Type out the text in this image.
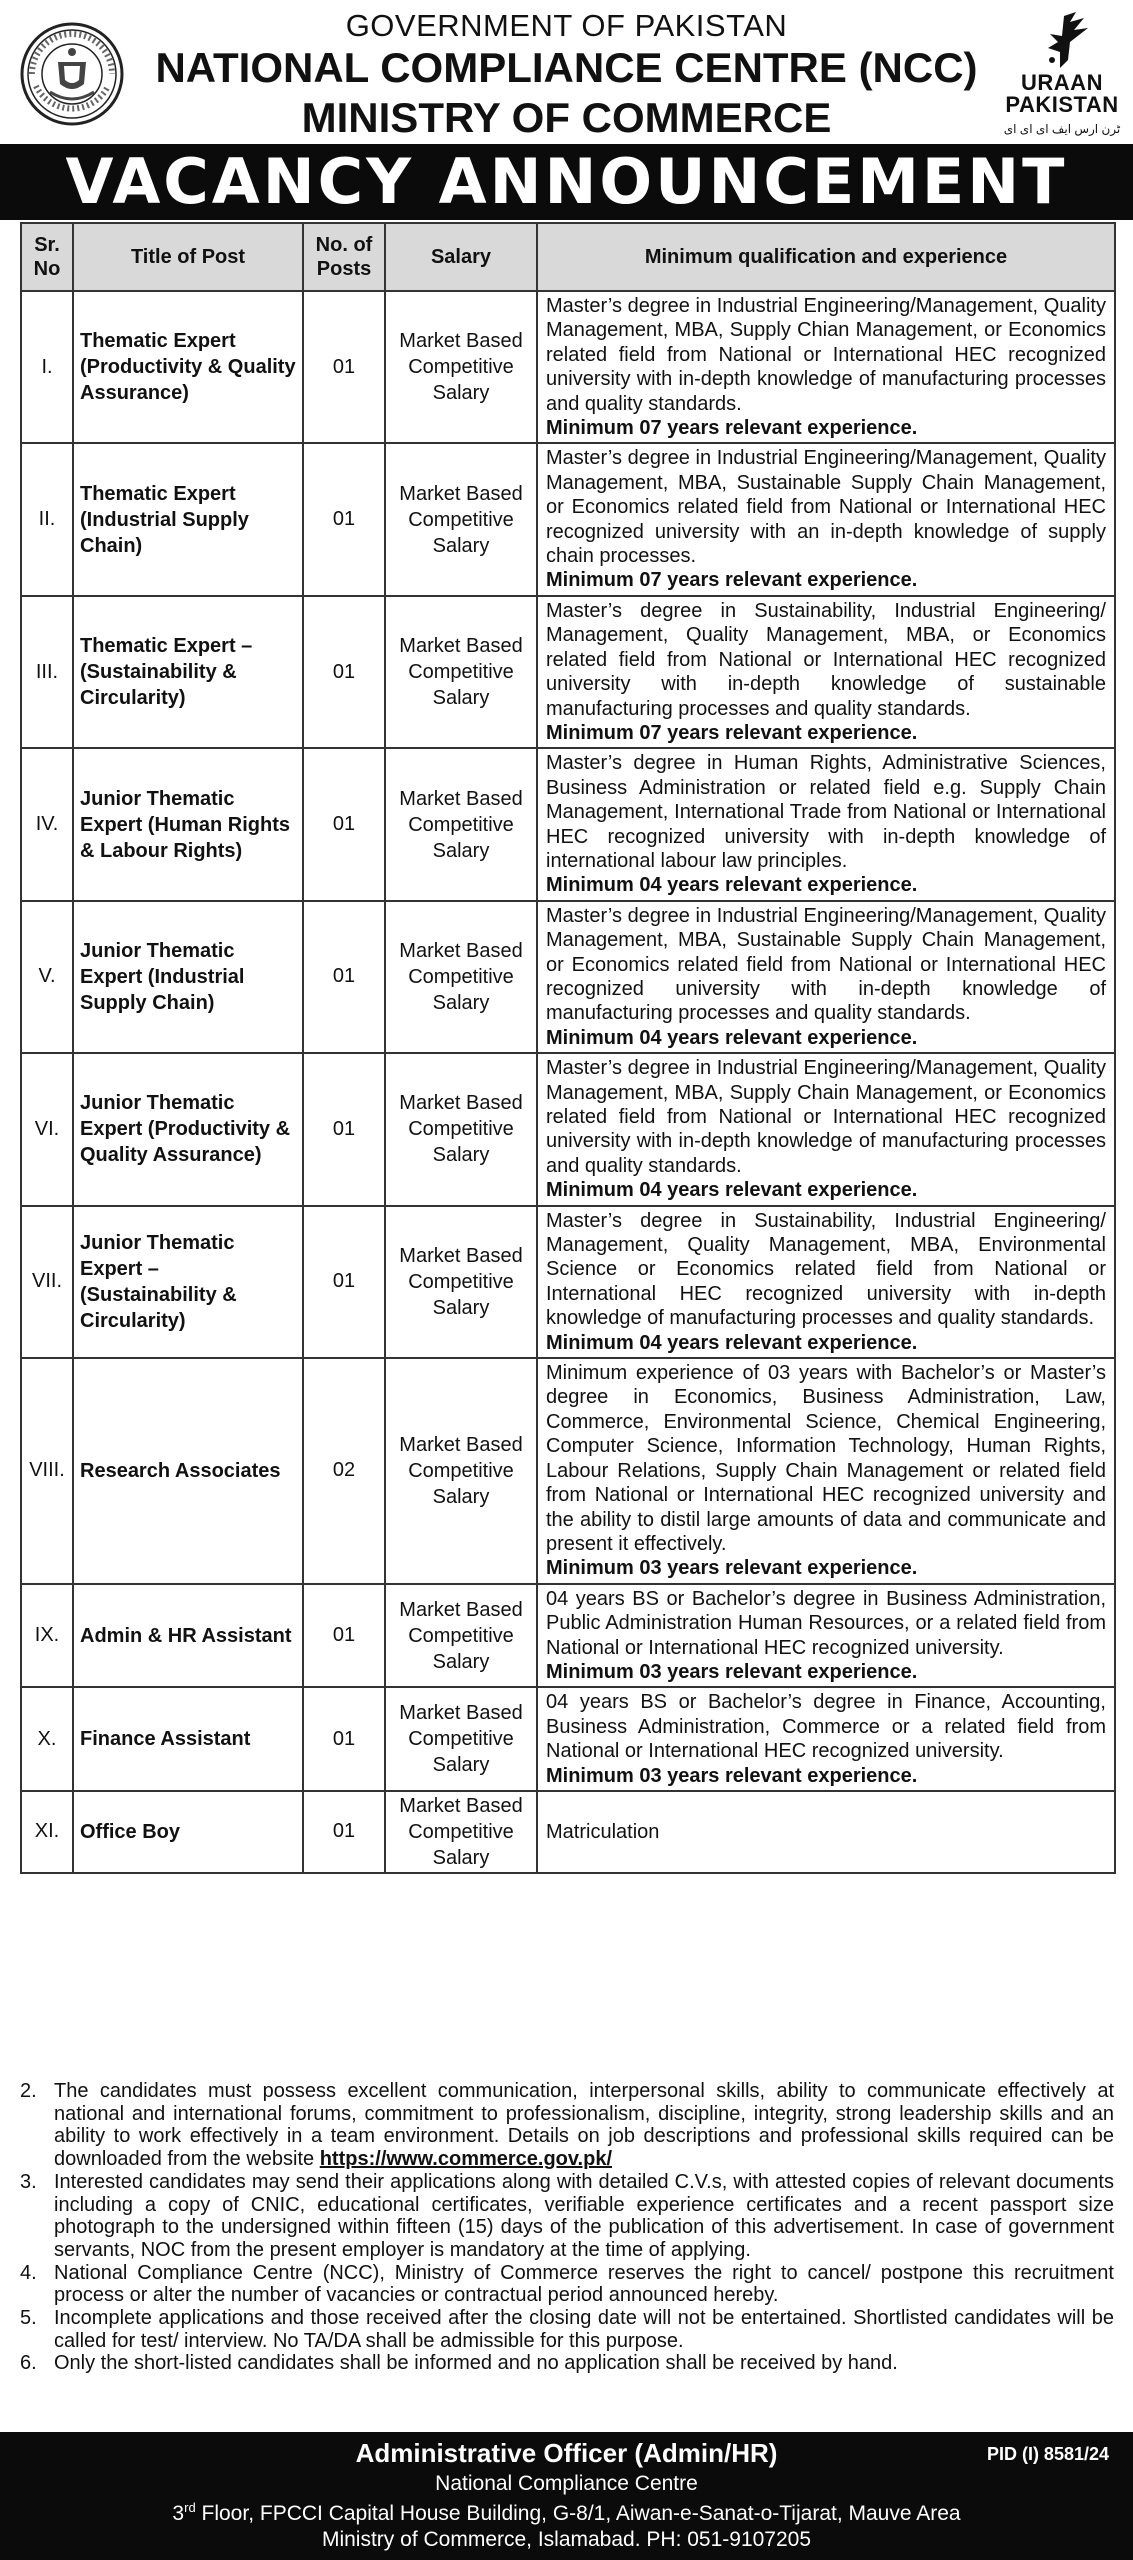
GOVERNMENT OF PAKISTAN
NATIONAL COMPLIANCE CENTRE (NCC)
MINISTRY OF COMMERCE
URAAN PAKISTAN
ٹرن ارس ایف ای ای ای
VACANCY ANNOUNCEMENT
Sr. No	Title of Post	No. of Posts	Salary	Minimum qualification and experience
I.	Thematic Expert (Productivity & Quality Assurance)	01	Market Based Competitive Salary	Master’s degree in Industrial Engineering/Management, Quality Management, MBA, Supply Chian Management, or Economics related field from National or International HEC recognized university with in-depth knowledge of manufacturing processes and quality standards.
Minimum 07 years relevant experience.

II.	Thematic Expert (Industrial Supply Chain)	01	Market Based Competitive Salary	Master’s degree in Industrial Engineering/Management, Quality Management, MBA, Sustainable Supply Chain Management, or Economics related field from National or International HEC recognized university with an in-depth knowledge of supply chain processes.
Minimum 07 years relevant experience.

III.	Thematic Expert – (Sustainability & Circularity)	01	Market Based Competitive Salary	Master’s degree in Sustainability, Industrial Engineering/ Management, Quality Management, MBA, or Economics related field from National or International HEC recognized university with in-depth knowledge of sustainable manufacturing processes and quality standards.
Minimum 07 years relevant experience.

IV.	Junior Thematic Expert (Human Rights & Labour Rights)	01	Market Based Competitive Salary	Master’s degree in Human Rights, Administrative Sciences, Business Administration or related field e.g. Supply Chain Management, International Trade from National or International HEC recognized university with in-depth knowledge of international labour law principles.
Minimum 04 years relevant experience.

V.	Junior Thematic Expert (Industrial Supply Chain)	01	Market Based Competitive Salary	Master’s degree in Industrial Engineering/Management, Quality Management, MBA, Sustainable Supply Chain Management, or Economics related field from National or International HEC recognized university with in-depth knowledge of manufacturing processes and quality standards.
Minimum 04 years relevant experience.

VI.	Junior Thematic Expert (Productivity & Quality Assurance)	01	Market Based Competitive Salary	Master’s degree in Industrial Engineering/Management, Quality Management, MBA, Supply Chain Management, or Economics related field from National or International HEC recognized university with in-depth knowledge of manufacturing processes and quality standards.
Minimum 04 years relevant experience.

VII.	Junior Thematic Expert – (Sustainability & Circularity)	01	Market Based Competitive Salary	Master’s degree in Sustainability, Industrial Engineering/ Management, Quality Management, MBA, Environmental Science or Economics related field from National or International HEC recognized university with in-depth knowledge of manufacturing processes and quality standards.
Minimum 04 years relevant experience.

VIII.	Research Associates	02	Market Based Competitive Salary	Minimum experience of 03 years with Bachelor’s or Master’s degree in Economics, Business Administration, Law, Commerce, Environmental Science, Chemical Engineering, Computer Science, Information Technology, Human Rights, Labour Relations, Supply Chain Management or related field from National or International HEC recognized university and the ability to distil large amounts of data and communicate and present it effectively.
Minimum 03 years relevant experience.

IX.	Admin & HR Assistant	01	Market Based Competitive Salary	04 years BS or Bachelor’s degree in Business Administration, Public Administration Human Resources, or a related field from National or International HEC recognized university.
Minimum 03 years relevant experience.

X.	Finance Assistant	01	Market Based Competitive Salary	04 years BS or Bachelor’s degree in Finance, Accounting, Business Administration, Commerce or a related field from National or International HEC recognized university.
Minimum 03 years relevant experience.

XI.	Office Boy	01	Market Based Competitive Salary	Matriculation
2. The candidates must possess excellent communication, interpersonal skills, ability to communicate effectively at national and international forums, commitment to professionalism, discipline, integrity, strong leadership skills and an ability to work effectively in a team environment. Details on job descriptions and professional skills required can be downloaded from the website https://www.commerce.gov.pk/
3. Interested candidates may send their applications along with detailed C.V.s, with attested copies of relevant documents including a copy of CNIC, educational certificates, verifiable experience certificates and a recent passport size photograph to the undersigned within fifteen (15) days of the publication of this advertisement. In case of government servants, NOC from the present employer is mandatory at the time of applying.
4. National Compliance Centre (NCC), Ministry of Commerce reserves the right to cancel/ postpone this recruitment process or alter the number of vacancies or contractual period announced hereby.
5. Incomplete applications and those received after the closing date will not be entertained. Shortlisted candidates will be called for test/ interview. No TA/DA shall be admissible for this purpose.
6. Only the short-listed candidates shall be informed and no application shall be received by hand.
Administrative Officer (Admin/HR)	PID (I) 8581/24
National Compliance Centre
3rd Floor, FPCCI Capital House Building, G-8/1, Aiwan-e-Sanat-o-Tijarat, Mauve Area
Ministry of Commerce, Islamabad. PH: 051-9107205
